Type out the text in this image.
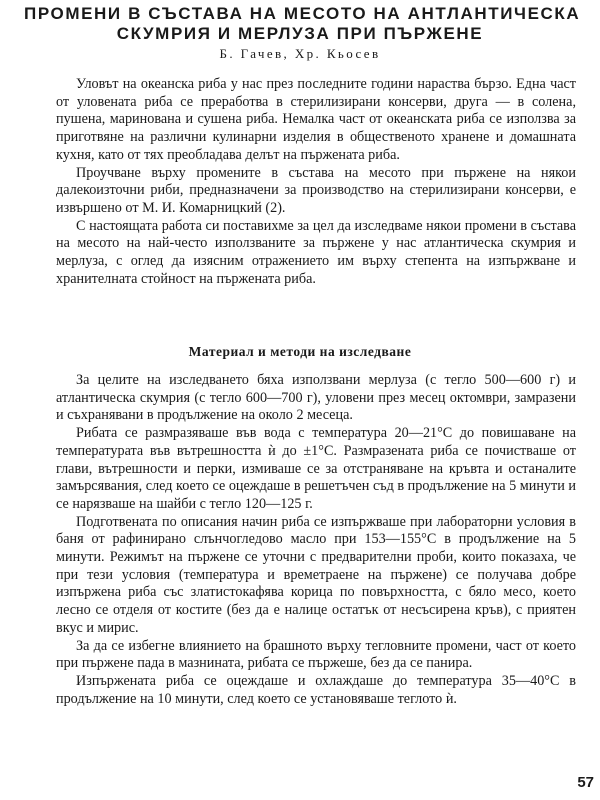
ПРОМЕНИ В СЪСТАВА НА МЕСОТО НА АНТЛАНТИЧЕСКА
СКУМРИЯ И МЕРЛУЗА ПРИ ПЪРЖЕНЕ
Б. Гачев, Хр. Кьосев

Уловът на океанска риба у нас през последните години нараства бързо. Една част от уловената риба се преработва в стерилизирани консерви, друга — в солена, пушена, маринована и сушена риба. Немалка част от океанската риба се използва за приготвяне на различни кулинарни изделия в общественото хранене и домашната кухня, като от тях преобладава делът на пържената риба.

Проучване върху промените в състава на месото при пържене на някои далекоизточни риби, предназначени за производство на стерилизирани консерви, е извършено от М. И. Комарницкий (2).

С настоящата работа си поставихме за цел да изследваме някои промени в състава на месото на най-често използваните за пържене у нас атлантическа скумрия и мерлуза, с оглед да изясним отражението им върху степента на изпържване и хранителната стойност на пържената риба.

Материал и методи на изследване

За целите на изследването бяха използвани мерлуза (с тегло 500—600 г) и атлантическа скумрия (с тегло 600—700 г), уловени през месец октомври, замразени и съхранявани в продължение на около 2 месеца.

Рибата се размразяваше във вода с температура 20—21°С до повишаване на температурата във вътрешността ѝ до ±1°С. Размразената риба се почистваше от глави, вътрешности и перки, измиваше се за отстраняване на кръвта и останалите замърсявания, след което се оцеждаше в решетъчен съд в продължение на 5 минути и се нарязваше на шайби с тегло 120—125 г.

Подготвената по описания начин риба се изпържваше при лабораторни условия в баня от рафинирано слънчогледово масло при 153—155°С в продължение на 5 минути. Режимът на пържене се уточни с предварителни проби, които показаха, че при тези условия (температура и времетраене на пържене) се получава добре изпържена риба със златистокафява корица по повърхността, с бяло месо, което лесно се отделя от костите (без да е налице остатък от несъсирена кръв), с приятен вкус и мирис.

За да се избегне влиянието на брашното върху тегловните промени, част от което при пържене пада в мазнината, рибата се пържеше, без да се панира.

Изпържената риба се оцеждаше и охлаждаше до температура 35—40°С в продължение на 10 минути, след което се установяваше теглото ѝ.

57
